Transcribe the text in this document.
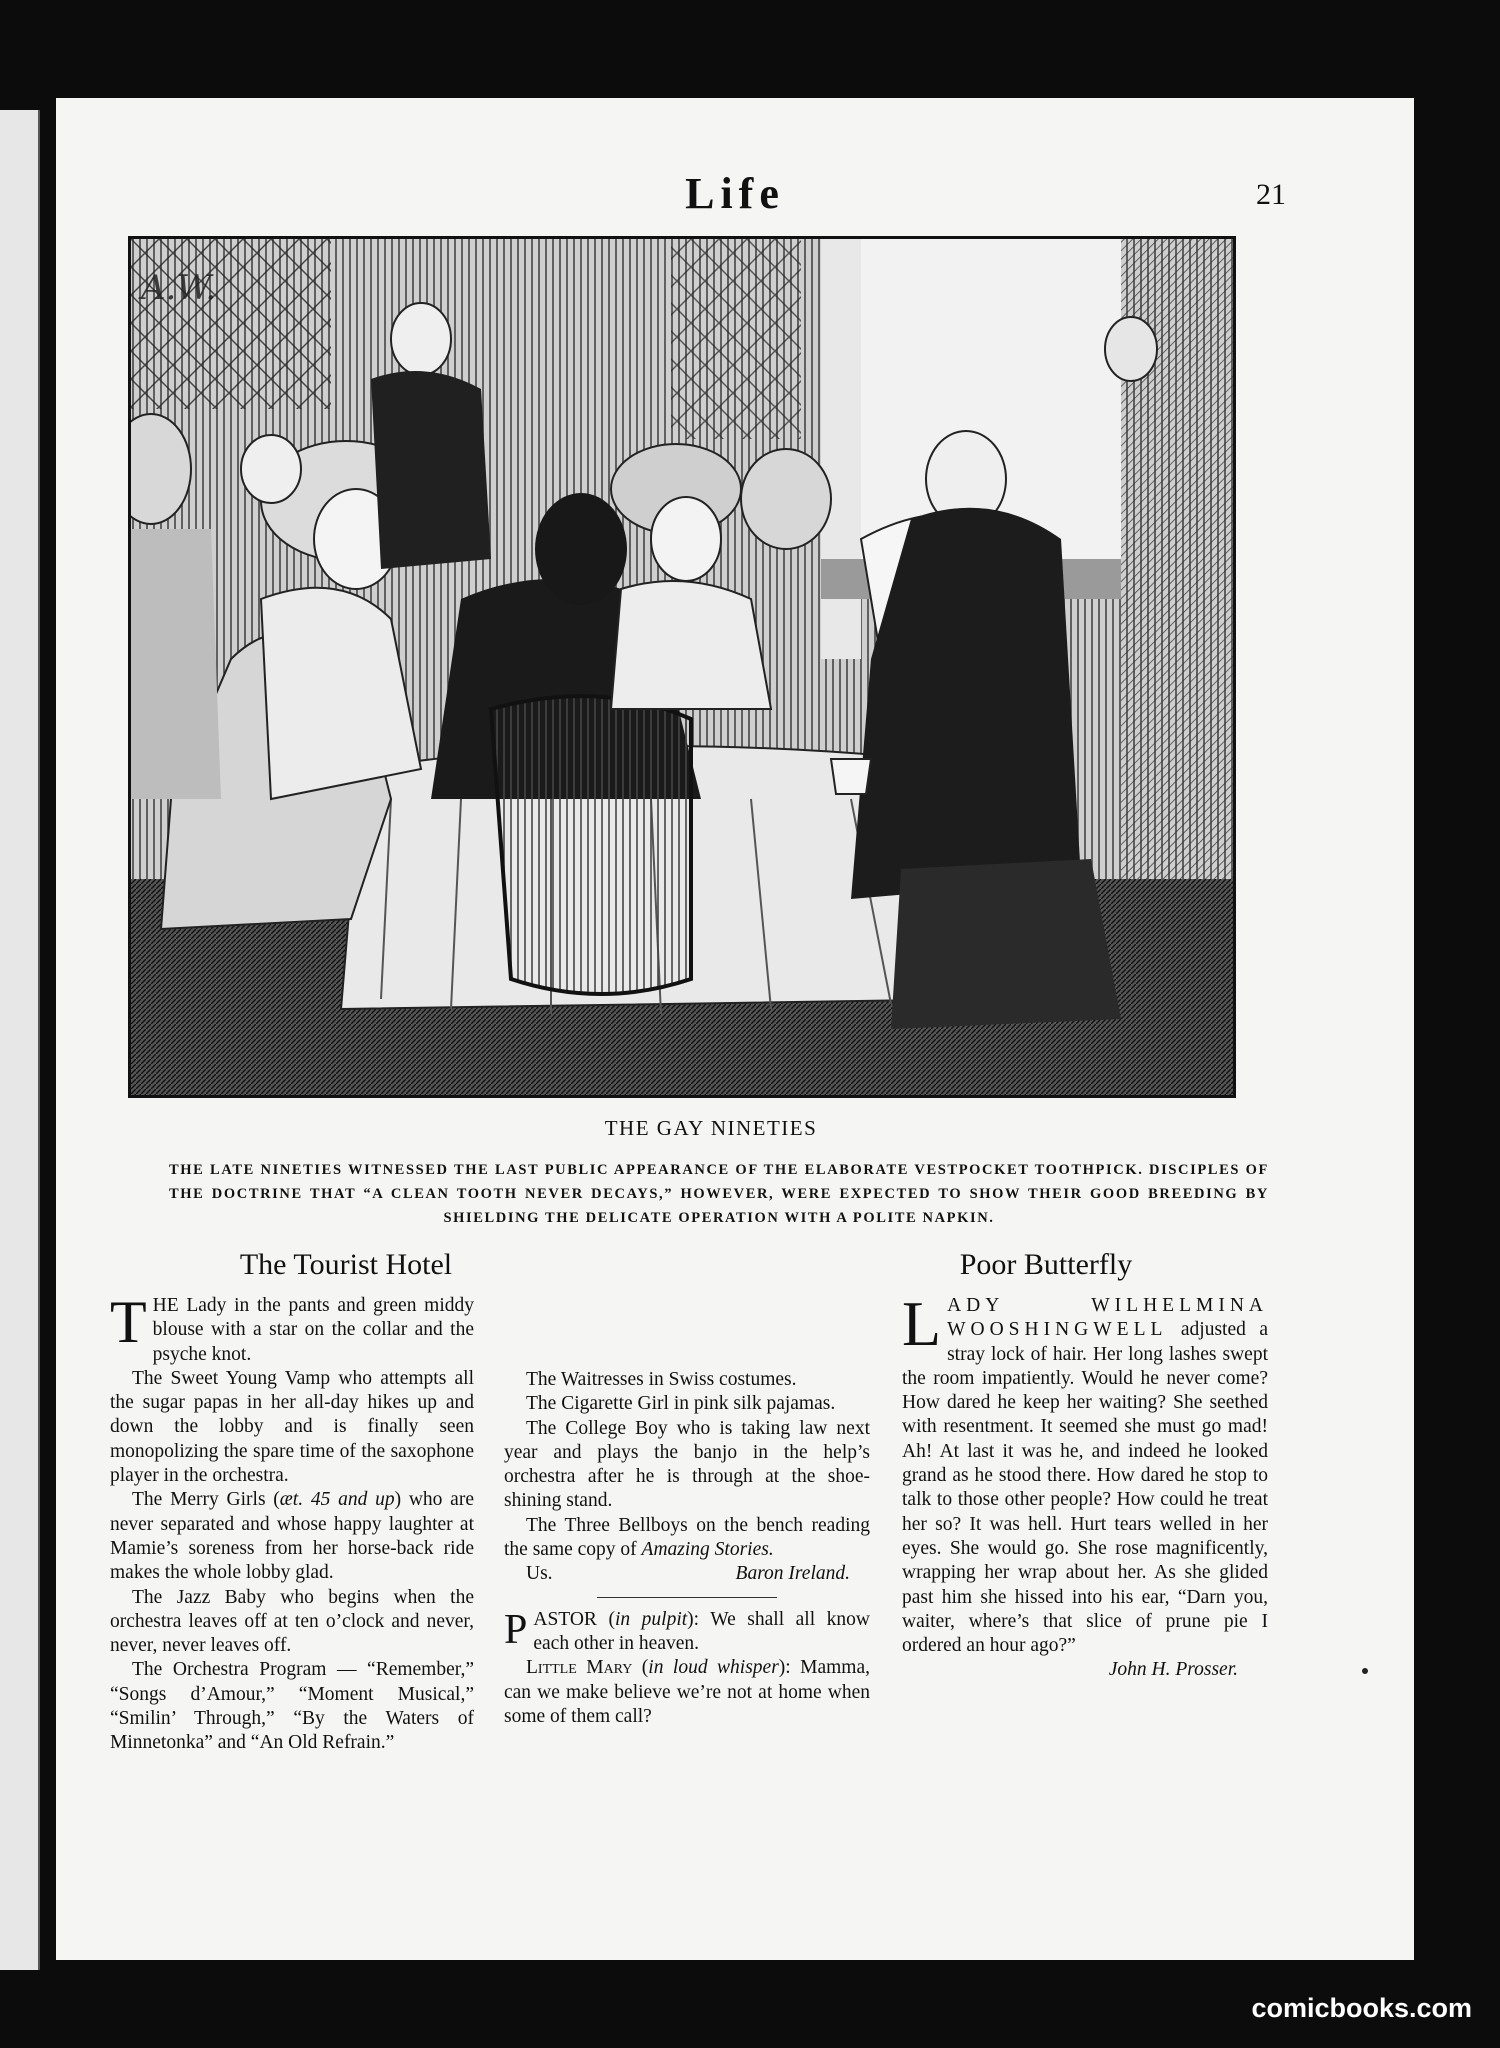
Life	21
A.W.
THE GAY NINETIES
THE LATE NINETIES WITNESSED THE LAST PUBLIC APPEARANCE OF THE ELABORATE VESTPOCKET TOOTHPICK. DISCIPLES OF THE DOCTRINE THAT “A CLEAN TOOTH NEVER DECAYS,” HOWEVER, WERE EXPECTED TO SHOW THEIR GOOD BREEDING BY SHIELDING THE DELICATE OPERATION WITH A POLITE NAPKIN.
The Tourist Hotel

THE Lady in the pants and green middy blouse with a star on the collar and the psyche knot.

The Sweet Young Vamp who attempts all the sugar papas in her all-day hikes up and down the lobby and is finally seen monopolizing the spare time of the saxophone player in the orchestra.

The Merry Girls (æt. 45 and up) who are never separated and whose happy laughter at Mamie’s soreness from her horse-back ride makes the whole lobby glad.

The Jazz Baby who begins when the orchestra leaves off at ten o’clock and never, never, never leaves off.

The Orchestra Program — “Remember,” “Songs d’Amour,” “Moment Musical,” “Smilin’ Through,” “By the Waters of Minnetonka” and “An Old Refrain.”

The Waitresses in Swiss costumes.

The Cigarette Girl in pink silk pajamas.

The College Boy who is taking law next year and plays the banjo in the help’s orchestra after he is through at the shoe-shining stand.

The Three Bellboys on the bench reading the same copy of Amazing Stories.

Us.	Baron Ireland.

PASTOR (in pulpit): We shall all know each other in heaven.

Little Mary (in loud whisper): Mamma, can we make believe we’re not at home when some of them call?

Poor Butterfly

LADY WILHELMINA WOOSHINGWELL adjusted a stray lock of hair. Her long lashes swept the room impatiently. Would he never come? How dared he keep her waiting? She seethed with resentment. It seemed she must go mad! Ah! At last it was he, and indeed he looked grand as he stood there. How dared he stop to talk to those other people? How could he treat her so? It was hell. Hurt tears welled in her eyes. She would go. She rose magnificently, wrapping her wrap about her. As she glided past him she hissed into his ear, “Darn you, waiter, where’s that slice of prune pie I ordered an hour ago?”

John H. Prosser.
comicbooks.com
